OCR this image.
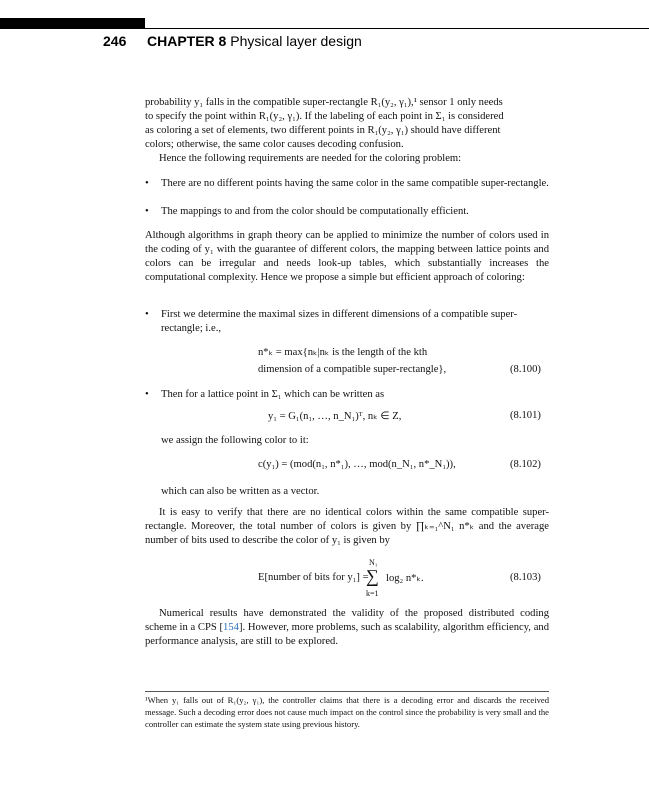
246 CHAPTER 8 Physical layer design
probability y₁ falls in the compatible super-rectangle R₁(y₂, γ₁),¹ sensor 1 only needs
to specify the point within R₁(y₂, γ₁). If the labeling of each point in Σ₁ is considered
as coloring a set of elements, two different points in R₁(y₂, γ₁) should have different
colors; otherwise, the same color causes decoding confusion.
Hence the following requirements are needed for the coloring problem:
• There are no different points having the same color in the same compatible super-rectangle.
• The mappings to and from the color should be computationally efficient.
Although algorithms in graph theory can be applied to minimize the number of colors used in the coding of y₁ with the guarantee of different colors, the mapping between lattice points and colors can be irregular and needs look-up tables, which substantially increases the computational complexity. Hence we propose a simple but efficient approach of coloring:
• First we determine the maximal sizes in different dimensions of a compatible super-rectangle; i.e.,
n*ₖ = max{nₖ|nₖ is the length of the kth
dimension of a compatible super-rectangle},	(8.100)
• Then for a lattice point in Σ₁ which can be written as
y₁ = G₁(n₁, …, n_N₁)ᵀ, nₖ ∈ Z,	(8.101)
we assign the following color to it:
c(y₁) = (mod(n₁, n*₁), …, mod(n_N₁, n*_N₁)),	(8.102)
which can also be written as a vector.
It is easy to verify that there are no identical colors within the same compatible super-rectangle. Moreover, the total number of colors is given by ∏ₖ₌₁^N₁ n*ₖ and the average number of bits used to describe the color of y₁ is given by
E[number of bits for y₁] =
N₁
∑
k=1
log₂ n*ₖ.	(8.103)
Numerical results have demonstrated the validity of the proposed distributed coding scheme in a CPS [154]. However, more problems, such as scalability, algorithm efficiency, and performance analysis, are still to be explored.
¹When y₁ falls out of R₁(y₂, γ₁), the controller claims that there is a decoding error and discards the received message. Such a decoding error does not cause much impact on the control since the probability is very small and the controller can estimate the system state using previous history.
